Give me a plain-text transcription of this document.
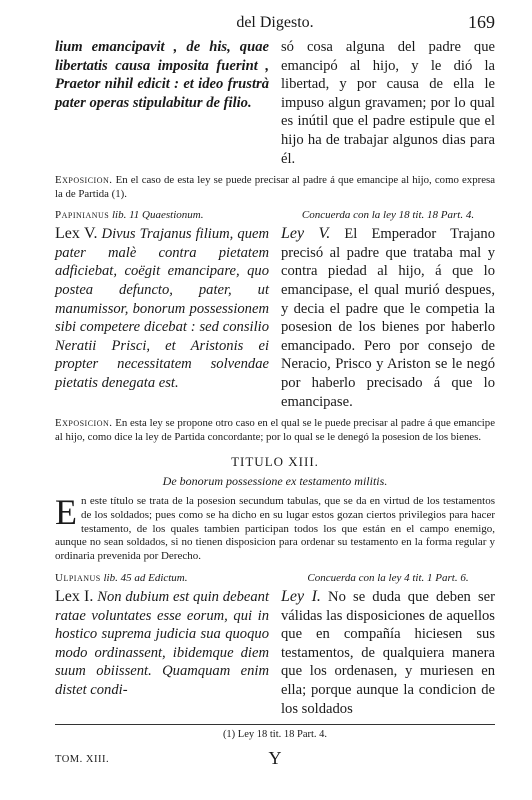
del Digesto.	169
lium emancipavit , de his, quae libertatis causa imposita fuerint , Praetor nihil edicit : et ideo frustrà pater operas stipulabitur de filio.
só cosa alguna del padre que emancipó al hijo, y le dió la libertad, y por causa de ella le impuso algun gravamen; por lo qual es inútil que el padre estipule que el hijo ha de trabajar algunos dias para él.
Exposicion. En el caso de esta ley se puede precisar al padre á que emancipe al hijo, como expresa la de Partida (1).
Papinianus lib. 11 Quaestionum.	Concuerda con la ley 18 tit. 18 Part. 4.
Lex V. Divus Trajanus filium, quem pater malè contra pietatem adficiebat, coëgit emancipare, quo postea defuncto, pater, ut manumissor, bonorum possessionem sibi competere dicebat : sed consilio Neratii Prisci, et Aristonis ei propter necessitatem solvendae pietatis denegata est.
Ley V. El Emperador Trajano precisó al padre que trataba mal y contra piedad al hijo, á que lo emancipase, el qual murió despues, y decia el padre que le competia la posesion de los bienes por haberlo emancipado. Pero por consejo de Neracio, Prisco y Ariston se le negó por haberlo precisado á que lo emancipase.
Exposicion. En esta ley se propone otro caso en el qual se le puede precisar al padre á que emancipe al hijo, como dice la ley de Partida concordante; por lo qual se le denegó la posesion de los bienes.
TITULO XIII.
De bonorum possessione ex testamento militis.
En este título se trata de la posesion secundum tabulas, que se da en virtud de los testamentos de los soldados; pues como se ha dicho en su lugar estos gozan ciertos privilegios para hacer testamento, de los quales tambien participan todos los que están en el campo enemigo, aunque no sean soldados, si no tienen disposicion para ordenar su testamento en la forma regular y ordinaria prevenida por Derecho.
Ulpianus lib. 45 ad Edictum.	Concuerda con la ley 4 tit. 1 Part. 6.
Lex I. Non dubium est quin debeant ratae voluntates esse eorum, qui in hostico suprema judicia sua quoquo modo ordinassent, ibidemque diem suum obiissent. Quamquam enim distet condi-
Ley I. No se duda que deben ser válidas las disposiciones de aquellos que en compañía hiciesen sus testamentos, de qualquiera manera que los ordenasen, y muriesen en ella; porque aunque la condicion de los soldados
(1) Ley 18 tit. 18 Part. 4.
TOM. XIII.	Y
